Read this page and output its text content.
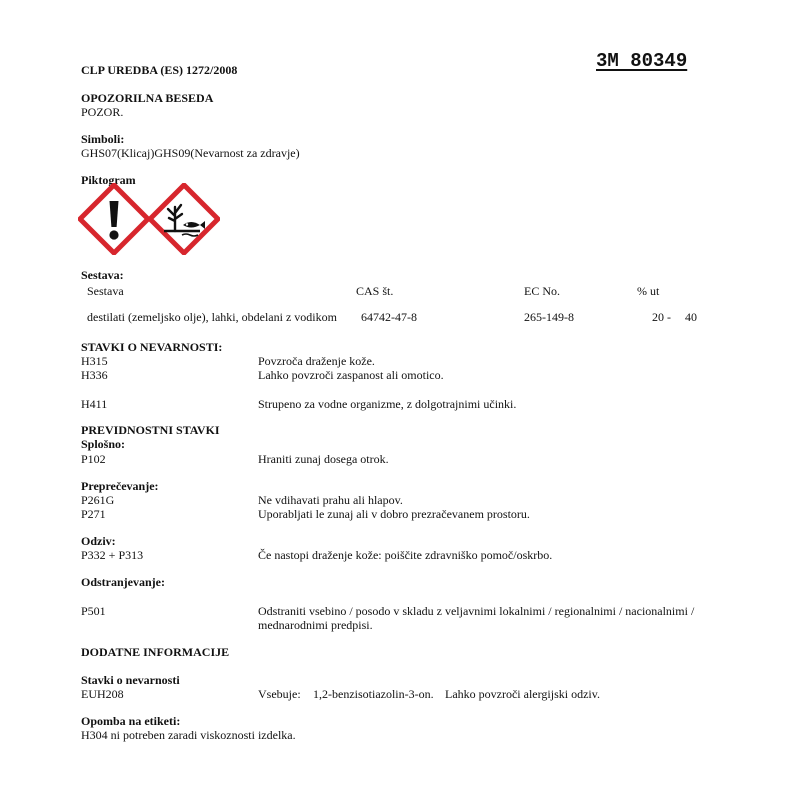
CLP UREDBA (ES) 1272/2008	3M 80349
OPOZORILNA BESEDA
POZOR.
Simboli:
GHS07(Klicaj)GHS09(Nevarnost za zdravje)
Piktogram
Sestava:
Sestava	CAS št.	EC No.	% ut
destilati (zemeljsko olje), lahki, obdelani z vodikom 64742-47-8	265-149-8	20 - 40
STAVKI O NEVARNOSTI:
H315	Povzroča draženje kože.
H336	Lahko povzroči zaspanost ali omotico.
H411	Strupeno za vodne organizme, z dolgotrajnimi učinki.
PREVIDNOSTNI STAVKI
Splošno:
P102	Hraniti zunaj dosega otrok.
Preprečevanje:
P261G	Ne vdihavati prahu ali hlapov.
P271	Uporabljati le zunaj ali v dobro prezračevanem prostoru.
Odziv:
P332 + P313	Če nastopi draženje kože: poiščite zdravniško pomoč/oskrbo.
Odstranjevanje:
P501	Odstraniti vsebino / posodo v skladu z veljavnimi lokalnimi / regionalnimi / nacionalnimi /
mednarodnimi predpisi.
DODATNE INFORMACIJE
Stavki o nevarnosti
EUH208	Vsebuje: 1,2-benzisotiazolin-3-on. Lahko povzroči alergijski odziv.
Opomba na etiketi:
H304 ni potreben zaradi viskoznosti izdelka.
